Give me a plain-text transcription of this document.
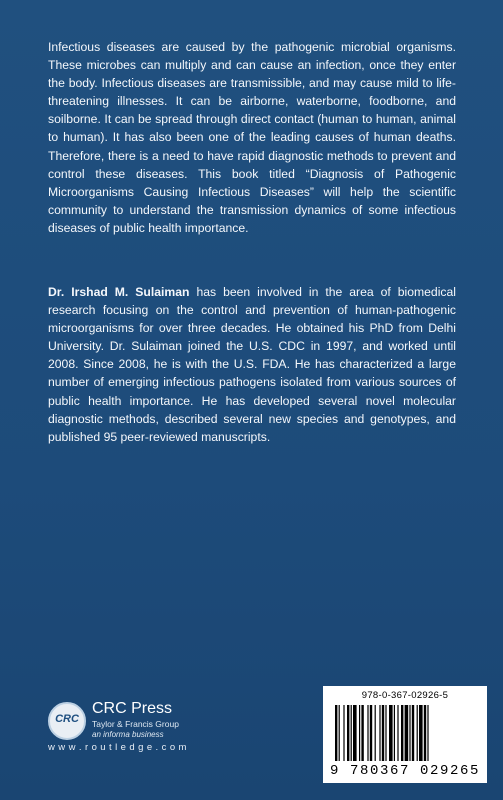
Infectious diseases are caused by the pathogenic microbial organisms. These microbes can multiply and can cause an infection, once they enter the body. Infectious diseases are transmissible, and may cause mild to life-threatening illnesses. It can be airborne, waterborne, foodborne, and soilborne. It can be spread through direct contact (human to human, animal to human). It has also been one of the leading causes of human deaths. Therefore, there is a need to have rapid diagnostic methods to prevent and control these diseases. This book titled “Diagnosis of Pathogenic Microorganisms Causing Infectious Diseases” will help the scientific community to understand the transmission dynamics of some infectious diseases of public health importance.

Dr. Irshad M. Sulaiman has been involved in the area of biomedical research focusing on the control and prevention of human-pathogenic microorganisms for over three decades. He obtained his PhD from Delhi University. Dr. Sulaiman joined the U.S. CDC in 1997, and worked until 2008. Since 2008, he is with the U.S. FDA. He has characterized a large number of emerging infectious pathogens isolated from various sources of public health importance. He has developed several novel molecular diagnostic methods, described several new species and genotypes, and published 95 peer-reviewed manuscripts.

CRC
CRC Press
Taylor & Francis Group
an informa business
w w w . r o u t l e d g e . c o m
978-0-367-02926-5
9 780367 029265
